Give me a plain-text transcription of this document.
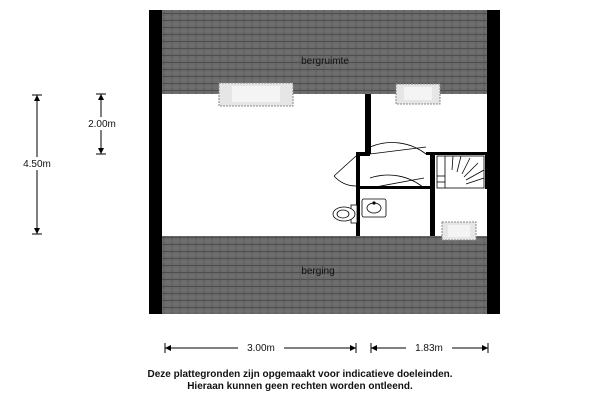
bergruimte
berging
4.50m
2.00m
3.00m	1.83m
Deze plattegronden zijn opgemaakt voor indicatieve doeleinden.
Hieraan kunnen geen rechten worden ontleend.
